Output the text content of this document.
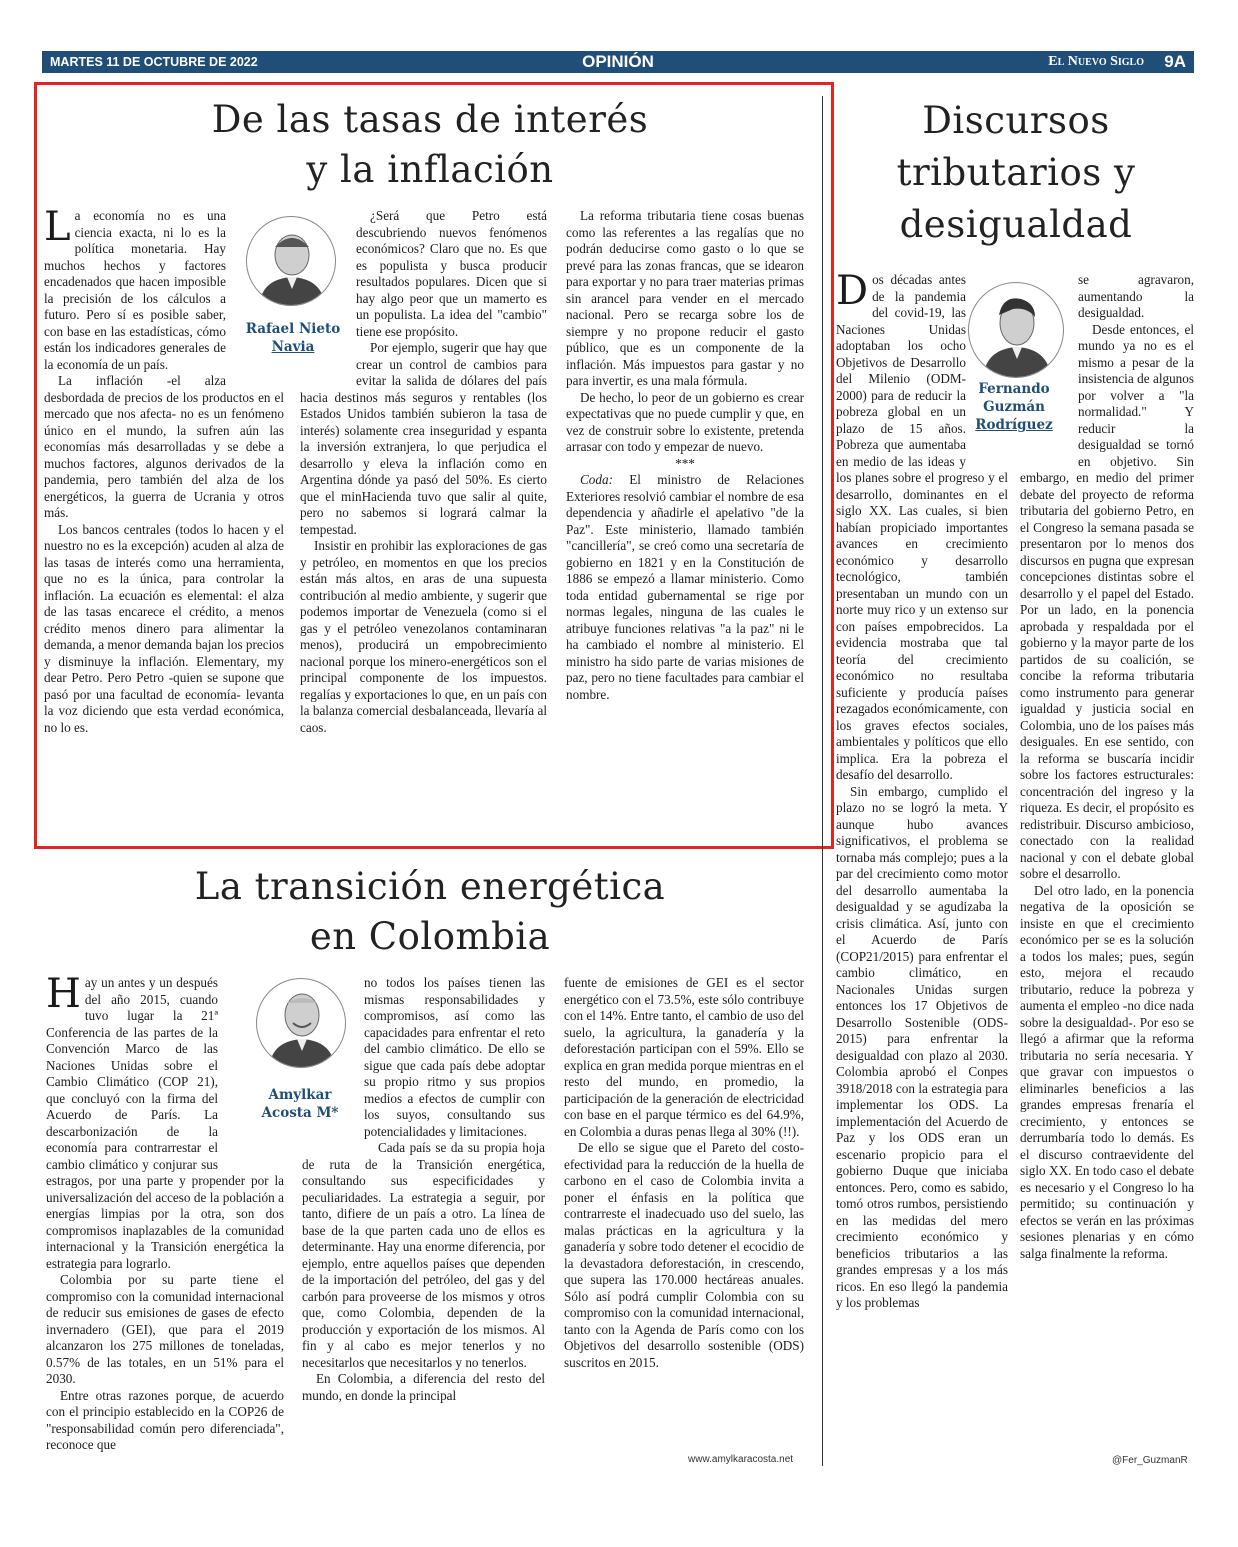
MARTES 11 DE OCTUBRE DE 2022	OPINIÓN	El Nuevo Siglo 9A
De las tasas de interés
y la inflación
Rafael Nieto
Navia

La economía no es una ciencia exacta, ni lo es la política monetaria. Hay muchos hechos y factores encadenados que hacen imposible la precisión de los cálculos a futuro. Pero sí es posible saber, con base en las estadísticas, cómo están los indicadores generales de la economía de un país.

La inflación -el alza desbordada de precios de los productos en el mercado que nos afecta- no es un fenómeno único en el mundo, la sufren aún las economías más desarrolladas y se debe a muchos factores, algunos derivados de la pandemia, pero también del alza de los energéticos, la guerra de Ucrania y otros más.

Los bancos centrales (todos lo hacen y el nuestro no es la excepción) acuden al alza de las tasas de interés como una herramienta, que no es la única, para controlar la inflación. La ecuación es elemental: el alza de las tasas encarece el crédito, a menos crédito menos dinero para alimentar la demanda, a menor demanda bajan los precios y disminuye la inflación. Elementary, my dear Petro. Pero Petro -quien se supone que pasó por una facultad de economía- levanta la voz diciendo que esta verdad económica, no lo es.

¿Será que Petro está descubriendo nuevos fenómenos económicos? Claro que no. Es que es populista y busca producir resultados populares. Dicen que si hay algo peor que un mamerto es un populista. La idea del "cambio" tiene ese propósito.

Por ejemplo, sugerir que hay que crear un control de cambios para evitar la salida de dólares del país hacia destinos más seguros y rentables (los Estados Unidos también subieron la tasa de interés) solamente crea inseguridad y espanta la inversión extranjera, lo que perjudica el desarrollo y eleva la inflación como en Argentina dónde ya pasó del 50%. Es cierto que el minHacienda tuvo que salir al quite, pero no sabemos si logrará calmar la tempestad.

Insistir en prohibir las exploraciones de gas y petróleo, en momentos en que los precios están más altos, en aras de una supuesta contribución al medio ambiente, y sugerir que podemos importar de Venezuela (como si el gas y el petróleo venezolanos contaminaran menos), producirá un empobrecimiento nacional porque los minero-energéticos son el principal componente de los impuestos. regalías y exportaciones lo que, en un país con la balanza comercial desbalanceada, llevaría al caos.

La reforma tributaria tiene cosas buenas como las referentes a las regalías que no podrán deducirse como gasto o lo que se prevé para las zonas francas, que se idearon para exportar y no para traer materias primas sin arancel para vender en el mercado nacional. Pero se recarga sobre los de siempre y no propone reducir el gasto público, que es un componente de la inflación. Más impuestos para gastar y no para invertir, es una mala fórmula.

De hecho, lo peor de un gobierno es crear expectativas que no puede cumplir y que, en vez de construir sobre lo existente, pretenda arrasar con todo y empezar de nuevo.

***

Coda: El ministro de Relaciones Exteriores resolvió cambiar el nombre de esa dependencia y añadirle el apelativo "de la Paz". Este ministerio, llamado también "cancillería", se creó como una secretaría de gobierno en 1821 y en la Constitución de 1886 se empezó a llamar ministerio. Como toda entidad gubernamental se rige por normas legales, ninguna de las cuales le atribuye funciones relativas "a la paz" ni le ha cambiado el nombre al ministerio. El ministro ha sido parte de varias misiones de paz, pero no tiene facultades para cambiar el nombre.

La transición energética
en Colombia
Amylkar
Acosta M*

Hay un antes y un después del año 2015, cuando tuvo lugar la 21ª Conferencia de las partes de la Convención Marco de las Naciones Unidas sobre el Cambio Climático (COP 21), que concluyó con la firma del Acuerdo de París. La descarbonización de la economía para contrarrestar el cambio climático y conjurar sus estragos, por una parte y propender por la universalización del acceso de la población a energías limpias por la otra, son dos compromisos inaplazables de la comunidad internacional y la Transición energética la estrategia para lograrlo.

Colombia por su parte tiene el compromiso con la comunidad internacional de reducir sus emisiones de gases de efecto invernadero (GEI), que para el 2019 alcanzaron los 275 millones de toneladas, 0.57% de las totales, en un 51% para el 2030.

Entre otras razones porque, de acuerdo con el principio establecido en la COP26 de "responsabilidad común pero diferenciada", reconoce que

no todos los países tienen las mismas responsabilidades y compromisos, así como las capacidades para enfrentar el reto del cambio climático. De ello se sigue que cada país debe adoptar su propio ritmo y sus propios medios a efectos de cumplir con los suyos, consultando sus potencialidades y limitaciones.

Cada país se da su propia hoja de ruta de la Transición energética, consultando sus especificidades y peculiaridades. La estrategia a seguir, por tanto, difiere de un país a otro. La línea de base de la que parten cada uno de ellos es determinante. Hay una enorme diferencia, por ejemplo, entre aquellos países que dependen de la importación del petróleo, del gas y del carbón para proveerse de los mismos y otros que, como Colombia, dependen de la producción y exportación de los mismos. Al fin y al cabo es mejor tenerlos y no necesitarlos que necesitarlos y no tenerlos.

En Colombia, a diferencia del resto del mundo, en donde la principal

fuente de emisiones de GEI es el sector energético con el 73.5%, este sólo contribuye con el 14%. Entre tanto, el cambio de uso del suelo, la agricultura, la ganadería y la deforestación participan con el 59%. Ello se explica en gran medida porque mientras en el resto del mundo, en promedio, la participación de la generación de electricidad con base en el parque térmico es del 64.9%, en Colombia a duras penas llega al 30% (!!).

De ello se sigue que el Pareto del costo-efectividad para la reducción de la huella de carbono en el caso de Colombia invita a poner el énfasis en la política que contrarreste el inadecuado uso del suelo, las malas prácticas en la agricultura y la ganadería y sobre todo detener el ecocidio de la devastadora deforestación, in crescendo, que supera las 170.000 hectáreas anuales. Sólo así podrá cumplir Colombia con su compromiso con la comunidad internacional, tanto con la Agenda de París como con los Objetivos del desarrollo sostenible (ODS) suscritos en 2015.

www.amylkaracosta.net
Discursos
tributarios y
desigualdad
Fernando
Guzmán
Rodríguez

Dos décadas antes de la pandemia del covid-19, las Naciones Unidas adoptaban los ocho Objetivos de Desarrollo del Milenio (ODM-2000) para de reducir la pobreza global en un plazo de 15 años. Pobreza que aumentaba en medio de las ideas y los planes sobre el progreso y el desarrollo, dominantes en el siglo XX. Las cuales, si bien habían propiciado importantes avances en crecimiento económico y desarrollo tecnológico, también presentaban un mundo con un norte muy rico y un extenso sur con países empobrecidos. La evidencia mostraba que tal teoría del crecimiento económico no resultaba suficiente y producía países rezagados económicamente, con los graves efectos sociales, ambientales y políticos que ello implica. Era la pobreza el desafío del desarrollo.

Sin embargo, cumplido el plazo no se logró la meta. Y aunque hubo avances significativos, el problema se tornaba más complejo; pues a la par del crecimiento como motor del desarrollo aumentaba la desigualdad y se agudizaba la crisis climática. Así, junto con el Acuerdo de París (COP21/2015) para enfrentar el cambio climático, en Nacionales Unidas surgen entonces los 17 Objetivos de Desarrollo Sostenible (ODS-2015) para enfrentar la desigualdad con plazo al 2030. Colombia aprobó el Conpes 3918/2018 con la estrategia para implementar los ODS. La implementación del Acuerdo de Paz y los ODS eran un escenario propicio para el gobierno Duque que iniciaba entonces. Pero, como es sabido, tomó otros rumbos, persistiendo en las medidas del mero crecimiento económico y beneficios tributarios a las grandes empresas y a los más ricos. En eso llegó la pandemia y los problemas

se agravaron, aumentando la desigualdad.

Desde entonces, el mundo ya no es el mismo a pesar de la insistencia de algunos por volver a "la normalidad." Y reducir la desigualdad se tornó en objetivo. Sin embargo, en medio del primer debate del proyecto de reforma tributaria del gobierno Petro, en el Congreso la semana pasada se presentaron por lo menos dos discursos en pugna que expresan concepciones distintas sobre el desarrollo y el papel del Estado. Por un lado, en la ponencia aprobada y respaldada por el gobierno y la mayor parte de los partidos de su coalición, se concibe la reforma tributaria como instrumento para generar igualdad y justicia social en Colombia, uno de los países más desiguales. En ese sentido, con la reforma se buscaría incidir sobre los factores estructurales: concentración del ingreso y la riqueza. Es decir, el propósito es redistribuir. Discurso ambicioso, conectado con la realidad nacional y con el debate global sobre el desarrollo.

Del otro lado, en la ponencia negativa de la oposición se insiste en que el crecimiento económico per se es la solución a todos los males; pues, según esto, mejora el recaudo tributario, reduce la pobreza y aumenta el empleo -no dice nada sobre la desigualdad-. Por eso se llegó a afirmar que la reforma tributaria no sería necesaria. Y que gravar con impuestos o eliminarles beneficios a las grandes empresas frenaría el crecimiento, y entonces se derrumbaría todo lo demás. Es el discurso contraevidente del siglo XX. En todo caso el debate es necesario y el Congreso lo ha permitido; su continuación y efectos se verán en las próximas sesiones plenarias y en cómo salga finalmente la reforma.

@Fer_GuzmanR
